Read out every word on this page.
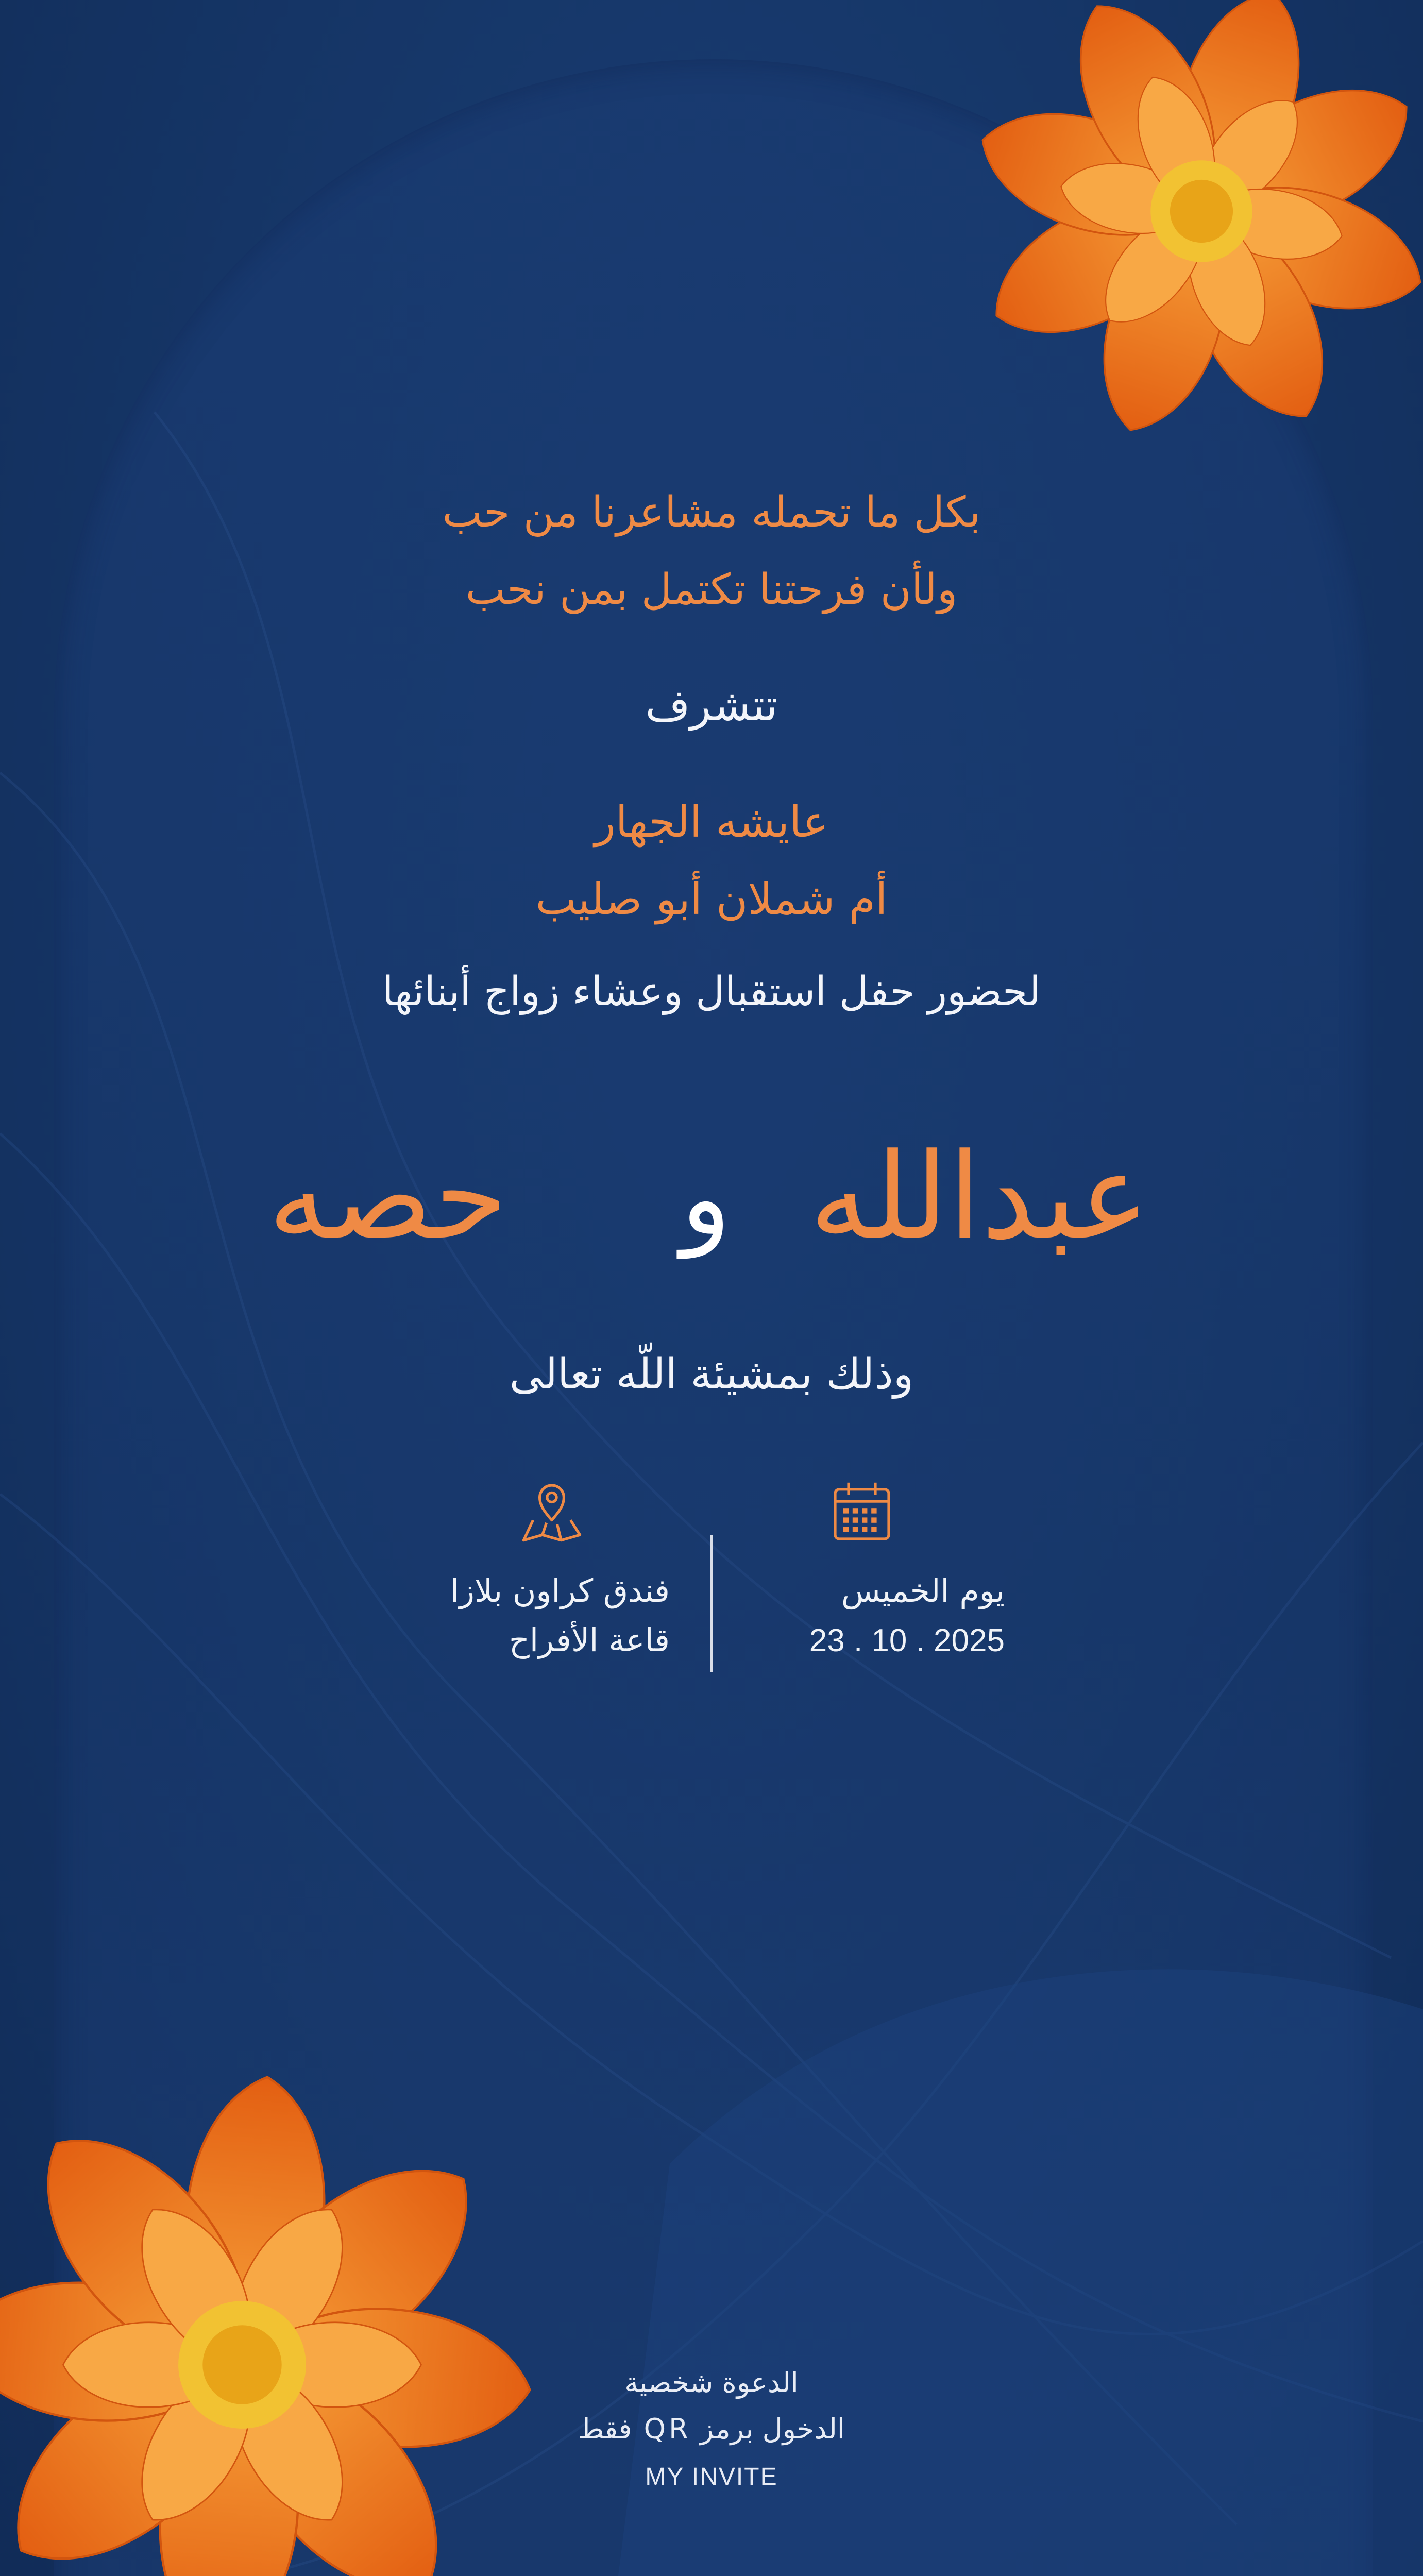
بكل ما تحمله مشاعرنا من حب
ولأن فرحتنا تكتمل بمن نحب

تتشرف

عايشه الجهار
أم شملان أبو صليب

لحضور حفل استقبال وعشاء زواج أبنائها

عبدالله
و
حصه

وذلك بمشيئة اللّه تعالى

يوم الخميس
23 . 10 . 2025

فندق كراون بلازا
قاعة الأفراح

الدعوة شخصية
الدخول برمز QR فقط

MY INVITE
